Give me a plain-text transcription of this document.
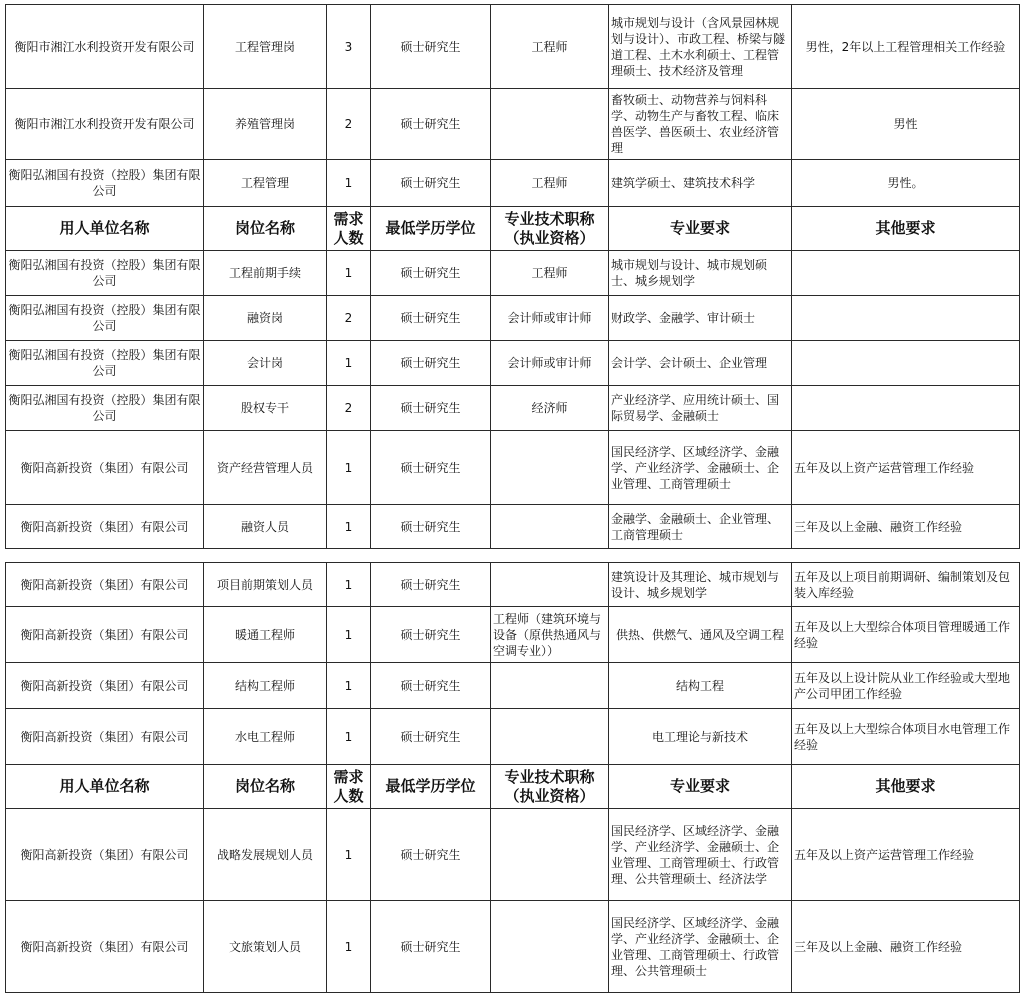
衡阳市湘江水利投资开发有限公司	工程管理岗	3	硕士研究生	工程师	城市规划与设计（含风景园林规划与设计）、市政工程、桥梁与隧道工程、土木水利硕士、工程管理硕士、技术经济及管理	男性，2年以上工程管理相关工作经验
衡阳市湘江水利投资开发有限公司	养殖管理岗	2	硕士研究生		畜牧硕士、动物营养与饲料科学、动物生产与畜牧工程、临床兽医学、兽医硕士、农业经济管理	男性
衡阳弘湘国有投资（控股）集团有限公司	工程管理	1	硕士研究生	工程师	建筑学硕士、建筑技术科学	男性。
用人单位名称	岗位名称	需求人数	最低学历学位	专业技术职称（执业资格）	专业要求	其他要求
衡阳弘湘国有投资（控股）集团有限公司	工程前期手续	1	硕士研究生	工程师	城市规划与设计、城市规划硕士、城乡规划学	
衡阳弘湘国有投资（控股）集团有限公司	融资岗	2	硕士研究生	会计师或审计师	财政学、金融学、审计硕士	
衡阳弘湘国有投资（控股）集团有限公司	会计岗	1	硕士研究生	会计师或审计师	会计学、会计硕士、企业管理	
衡阳弘湘国有投资（控股）集团有限公司	股权专干	2	硕士研究生	经济师	产业经济学、应用统计硕士、国际贸易学、金融硕士	
衡阳高新投资（集团）有限公司	资产经营管理人员	1	硕士研究生		国民经济学、区域经济学、金融学、产业经济学、金融硕士、企业管理、工商管理硕士	五年及以上资产运营管理工作经验
衡阳高新投资（集团）有限公司	融资人员	1	硕士研究生		金融学、金融硕士、企业管理、工商管理硕士	三年及以上金融、融资工作经验
衡阳高新投资（集团）有限公司	项目前期策划人员	1	硕士研究生		建筑设计及其理论、城市规划与设计、城乡规划学	五年及以上项目前期调研、编制策划及包装入库经验
衡阳高新投资（集团）有限公司	暖通工程师	1	硕士研究生	工程师（建筑环境与设备（原供热通风与空调专业））	供热、供燃气、通风及空调工程	五年及以上大型综合体项目管理暖通工作经验
衡阳高新投资（集团）有限公司	结构工程师	1	硕士研究生		结构工程	五年及以上设计院从业工作经验或大型地产公司甲团工作经验
衡阳高新投资（集团）有限公司	水电工程师	1	硕士研究生		电工理论与新技术	五年及以上大型综合体项目水电管理工作经验
用人单位名称	岗位名称	需求人数	最低学历学位	专业技术职称（执业资格）	专业要求	其他要求
衡阳高新投资（集团）有限公司	战略发展规划人员	1	硕士研究生		国民经济学、区域经济学、金融学、产业经济学、金融硕士、企业管理、工商管理硕士、行政管理、公共管理硕士、经济法学	五年及以上资产运营管理工作经验
衡阳高新投资（集团）有限公司	文旅策划人员	1	硕士研究生		国民经济学、区域经济学、金融学、产业经济学、金融硕士、企业管理、工商管理硕士、行政管理、公共管理硕士	三年及以上金融、融资工作经验
